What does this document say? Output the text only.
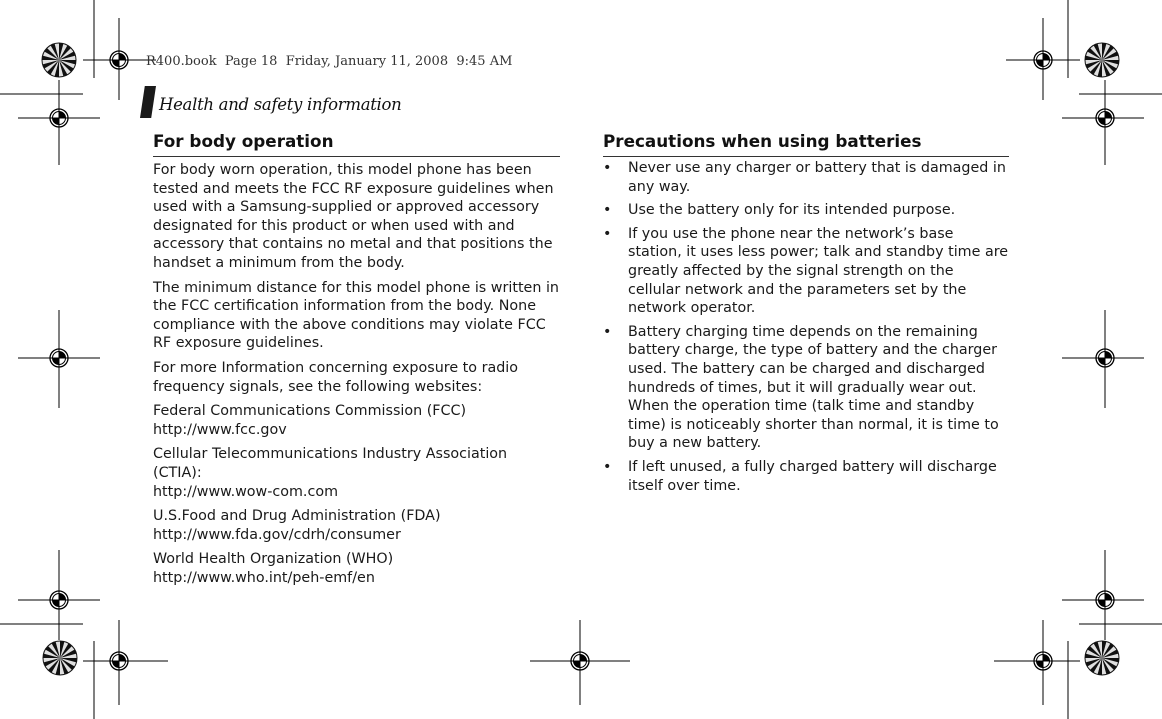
R400.book  Page 18  Friday, January 11, 2008  9:45 AM
Health and safety information
For body operation

For body worn operation, this model phone has been tested and meets the FCC RF exposure guidelines when used with a Samsung-supplied or approved accessory designated for this product or when used with and accessory that contains no metal and that positions the handset a minimum from the body.

The minimum distance for this model phone is written in the FCC certification information from the body. None compliance with the above conditions may violate FCC RF exposure guidelines.

For more Information concerning exposure to radio frequency signals, see the following websites:

Federal Communications Commission (FCC)
http://www.fcc.gov

Cellular Telecommunications Industry Association (CTIA):
http://www.wow-com.com

U.S.Food and Drug Administration (FDA)
http://www.fda.gov/cdrh/consumer

World Health Organization (WHO)
http://www.who.int/peh-emf/en

Precautions when using batteries
• Never use any charger or battery that is damaged in any way.
• Use the battery only for its intended purpose.
• If you use the phone near the network’s base station, it uses less power; talk and standby time are greatly affected by the signal strength on the cellular network and the parameters set by the network operator.
• Battery charging time depends on the remaining battery charge, the type of battery and the charger used. The battery can be charged and discharged hundreds of times, but it will gradually wear out. When the operation time (talk time and standby time) is noticeably shorter than normal, it is time to buy a new battery.
• If left unused, a fully charged battery will discharge itself over time.
